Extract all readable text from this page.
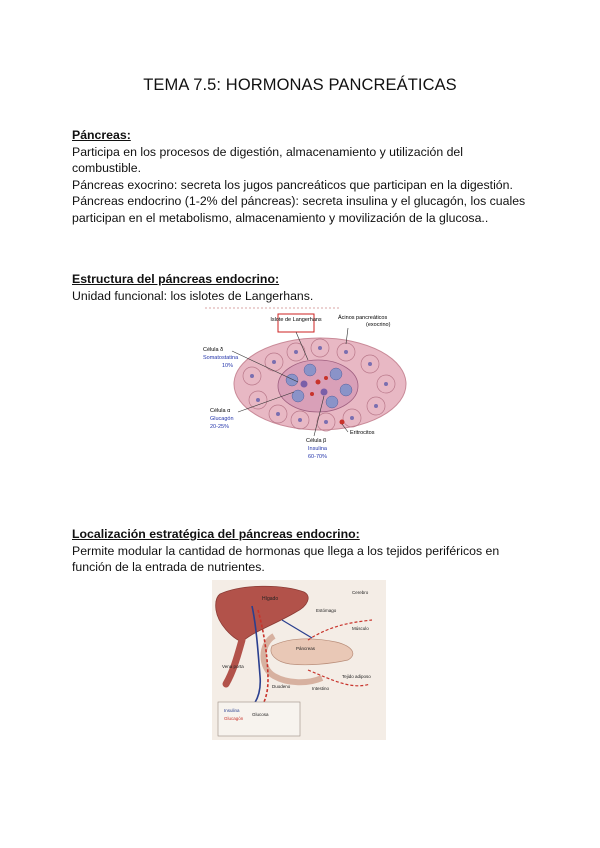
TEMA 7.5: HORMONAS PANCREÁTICAS
Páncreas:

Participa en los procesos de digestión, almacenamiento y utilización del combustible.

Páncreas exocrino: secreta los jugos pancreáticos que participan en la digestión.

Páncreas endocrino (1-2% del páncreas): secreta insulina y el glucagón, los cuales participan en el metabolismo, almacenamiento y movilización de la glucosa..

Estructura del páncreas endocrino:

Unidad funcional: los islotes de Langerhans.

Islote de Langerhans	Ácinos pancreáticos
(exocrino)
Célula δ
Somatostatina
10%
Célula α
Glucagón
20-25%
Célula β
Insulina
60-70%
Eritrocitos
Localización estratégica del páncreas endocrino:

Permite modular la cantidad de hormonas que llega a los tejidos periféricos en función de la entrada de nutrientes.

Hígado
Insulina
Glucagón
Glucosa
Páncreas
Duodeno
Estómago
Vena porta
Intestino
Músculo
Tejido adiposo
Cerebro
